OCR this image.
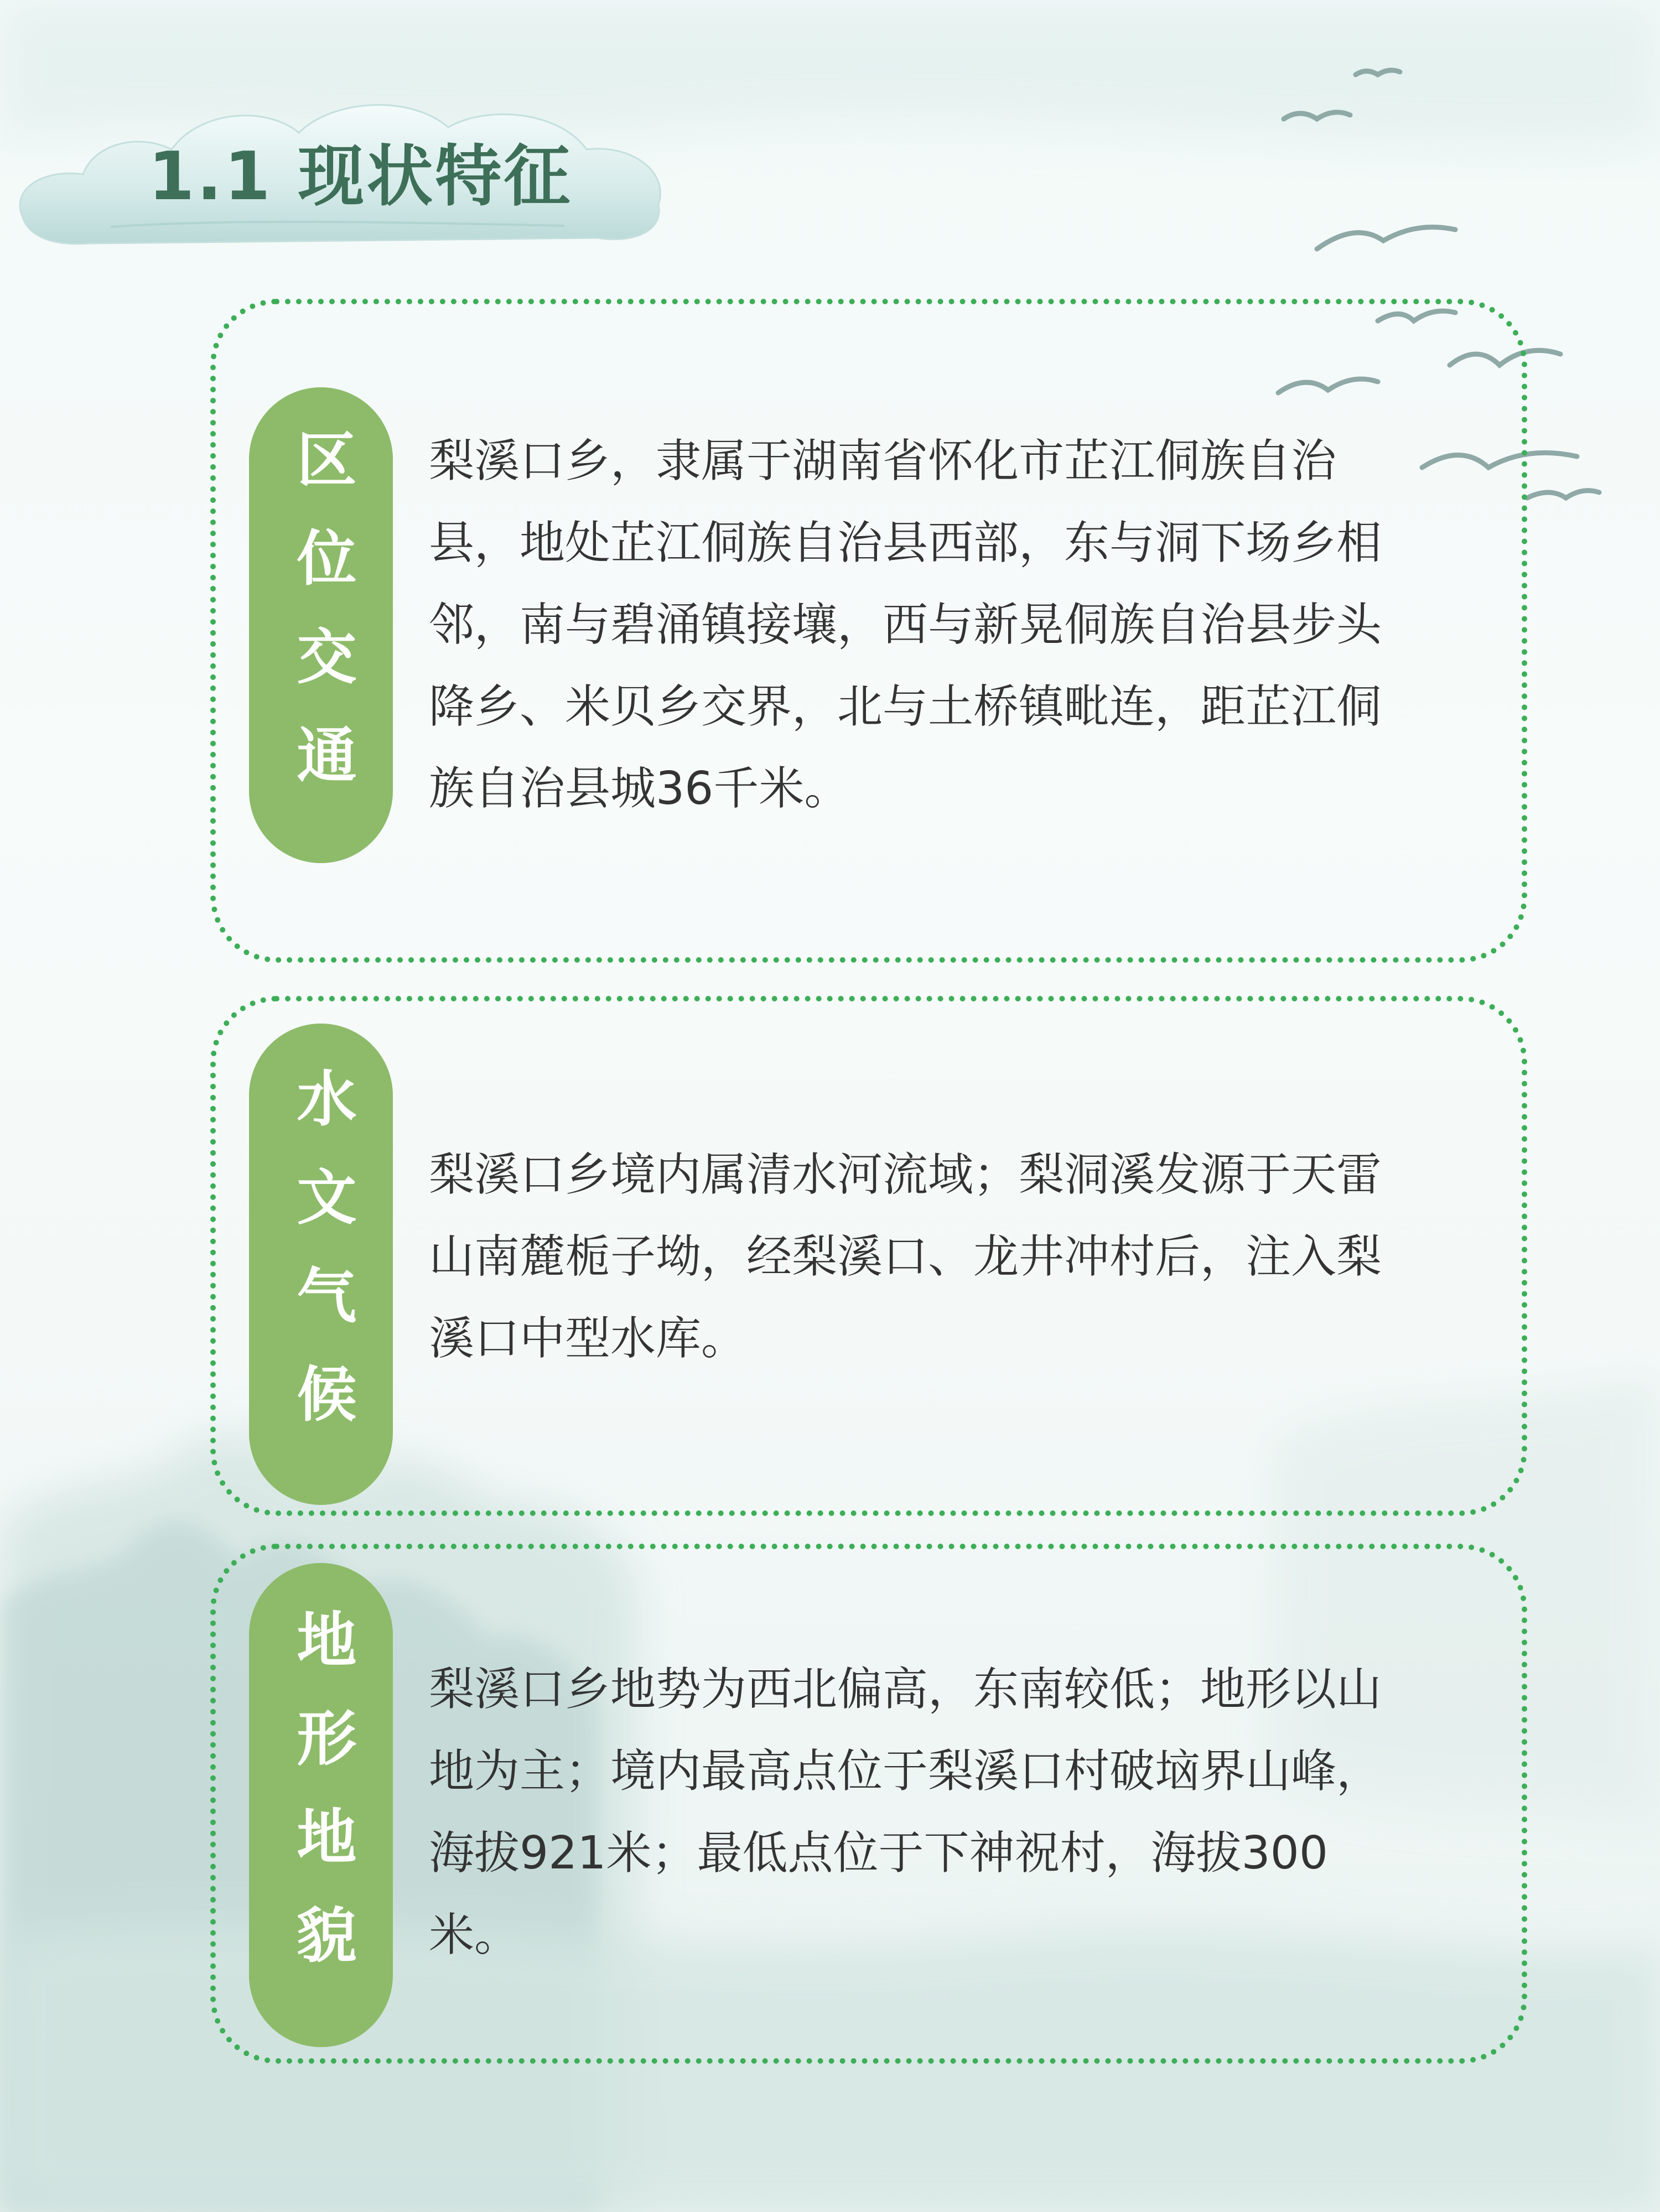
1.1 现状特征
区位交通 梨溪口乡，隶属于湖南省怀化市芷江侗族自治县，地处芷江侗族自治县西部，东与洞下场乡相邻，南与碧涌镇接壤，西与新晃侗族自治县步头降乡、米贝乡交界，北与土桥镇毗连，距芷江侗族自治县城36千米。

水文气候 梨溪口乡境内属清水河流域；梨洞溪发源于天雷山南麓栀子坳，经梨溪口、龙井冲村后，注入梨溪口中型水库。

地形地貌 梨溪口乡地势为西北偏高，东南较低；地形以山地为主；境内最高点位于梨溪口村破垴界山峰，海拔921米；最低点位于下神祝村，海拔300米。
